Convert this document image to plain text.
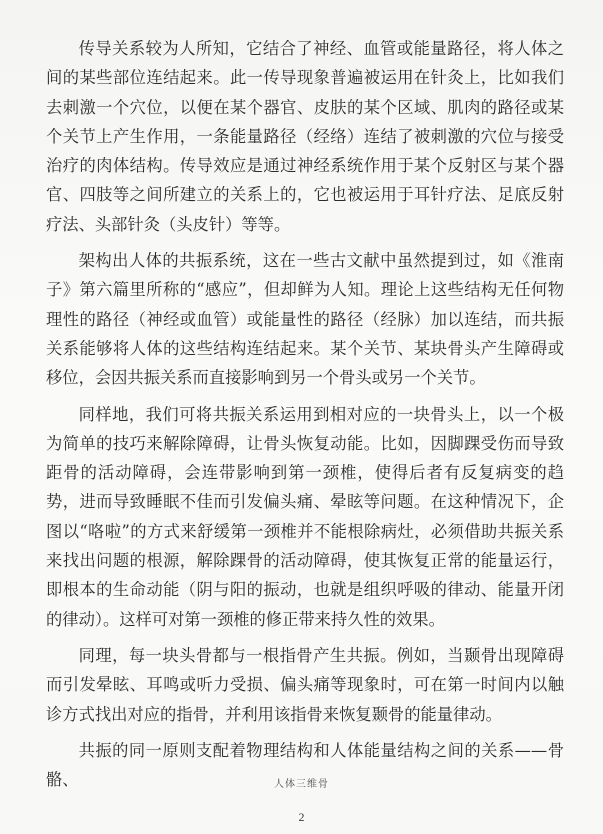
传导关系较为人所知，它结合了神经、血管或能量路径，将人体之间的某些部位连结起来。此一传导现象普遍被运用在针灸上，比如我们去刺激一个穴位，以便在某个器官、皮肤的某个区域、肌肉的路径或某个关节上产生作用，一条能量路径（经络）连结了被刺激的穴位与接受治疗的肉体结构。传导效应是通过神经系统作用于某个反射区与某个器官、四肢等之间所建立的关系上的，它也被运用于耳针疗法、足底反射疗法、头部针灸（头皮针）等等。

架构出人体的共振系统，这在一些古文献中虽然提到过，如《淮南子》第六篇里所称的“感应”，但却鲜为人知。理论上这些结构无任何物理性的路径（神经或血管）或能量性的路径（经脉）加以连结，而共振关系能够将人体的这些结构连结起来。某个关节、某块骨头产生障碍或移位，会因共振关系而直接影响到另一个骨头或另一个关节。

同样地，我们可将共振关系运用到相对应的一块骨头上，以一个极为简单的技巧来解除障碍，让骨头恢复动能。比如，因脚踝受伤而导致距骨的活动障碍，会连带影响到第一颈椎，使得后者有反复病变的趋势，进而导致睡眠不佳而引发偏头痛、晕眩等问题。在这种情况下，企图以“咯啦”的方式来舒缓第一颈椎并不能根除病灶，必须借助共振关系来找出问题的根源，解除踝骨的活动障碍，使其恢复正常的能量运行，即根本的生命动能（阴与阳的振动，也就是组织呼吸的律动、能量开闭的律动）。这样可对第一颈椎的修正带来持久性的效果。

同理，每一块头骨都与一根指骨产生共振。例如，当颞骨出现障碍而引发晕眩、耳鸣或听力受损、偏头痛等现象时，可在第一时间内以触诊方式找出对应的指骨，并利用该指骨来恢复颞骨的能量律动。

共振的同一原则支配着物理结构和人体能量结构之间的关系——骨骼、	人体三维骨
2
